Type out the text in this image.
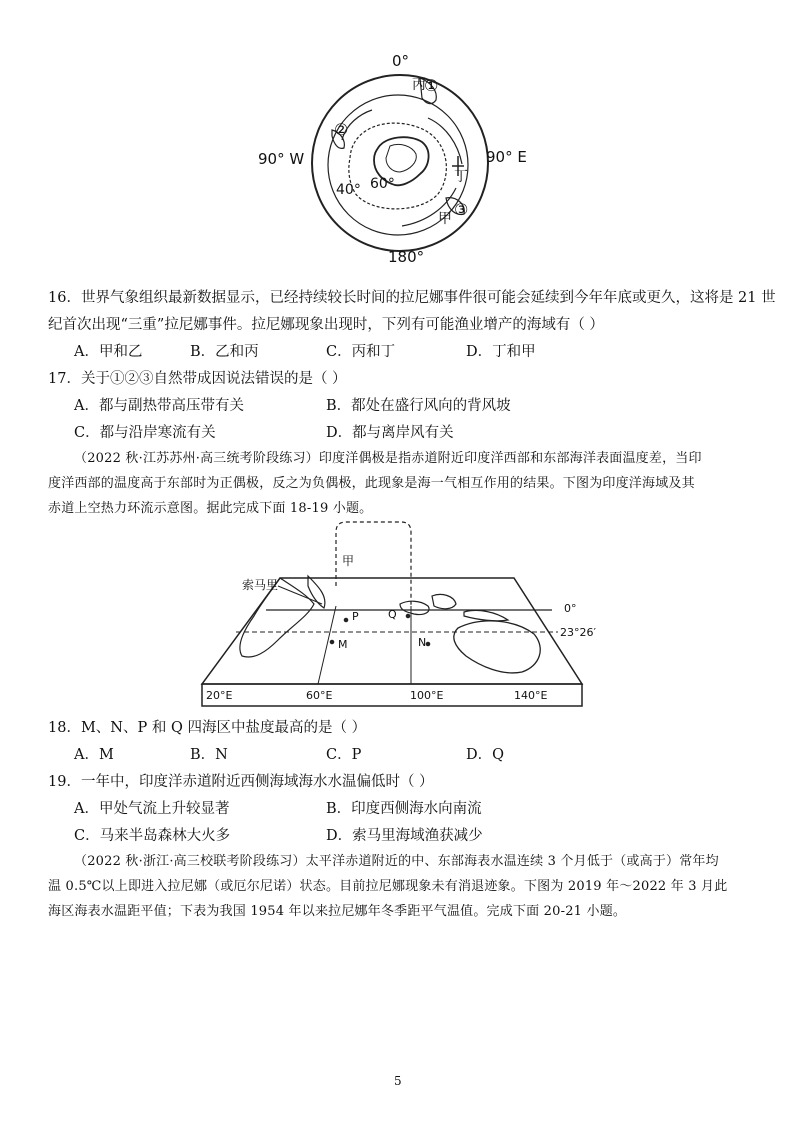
0°
90° W	90° E
180°
40° 60°
丙
①
②
丁
甲 ③
16．世界气象组织最新数据显示，已经持续较长时间的拉尼娜事件很可能会延续到今年年底或更久，这将是 21 世
纪首次出现“三重”拉尼娜事件。拉尼娜现象出现时，下列有可能渔业增产的海域有（ ）
A．甲和乙	B．乙和丙	C．丙和丁	D．丁和甲
17．关于①②③自然带成因说法错误的是（ ）
A．都与副热带高压带有关	B．都处在盛行风向的背风坡
C．都与沿岸寒流有关	D．都与离岸风有关
（2022 秋·江苏苏州·高三统考阶段练习）印度洋偶极是指赤道附近印度洋西部和东部海洋表面温度差，当印
度洋西部的温度高于东部时为正偶极，反之为负偶极，此现象是海一气相互作用的结果。下图为印度洋海域及其
赤道上空热力环流示意图。据此完成下面 18-19 小题。
甲
索马里
P	Q
M	N
0°
23°26′
20°E	60°E	100°E	140°E
18．M、N、P 和 Q 四海区中盐度最高的是（ ）
A．M	B．N	C．P	D．Q
19．一年中，印度洋赤道附近西侧海域海水水温偏低时（ ）
A．甲处气流上升较显著	B．印度西侧海水向南流
C．马来半岛森林大火多	D．索马里海域渔获减少
（2022 秋·浙江·高三校联考阶段练习）太平洋赤道附近的中、东部海表水温连续 3 个月低于（或高于）常年均
温 0.5℃以上即进入拉尼娜（或厄尔尼诺）状态。目前拉尼娜现象未有消退迹象。下图为 2019 年～2022 年 3 月此
海区海表水温距平值；下表为我国 1954 年以来拉尼娜年冬季距平气温值。完成下面 20-21 小题。
5
